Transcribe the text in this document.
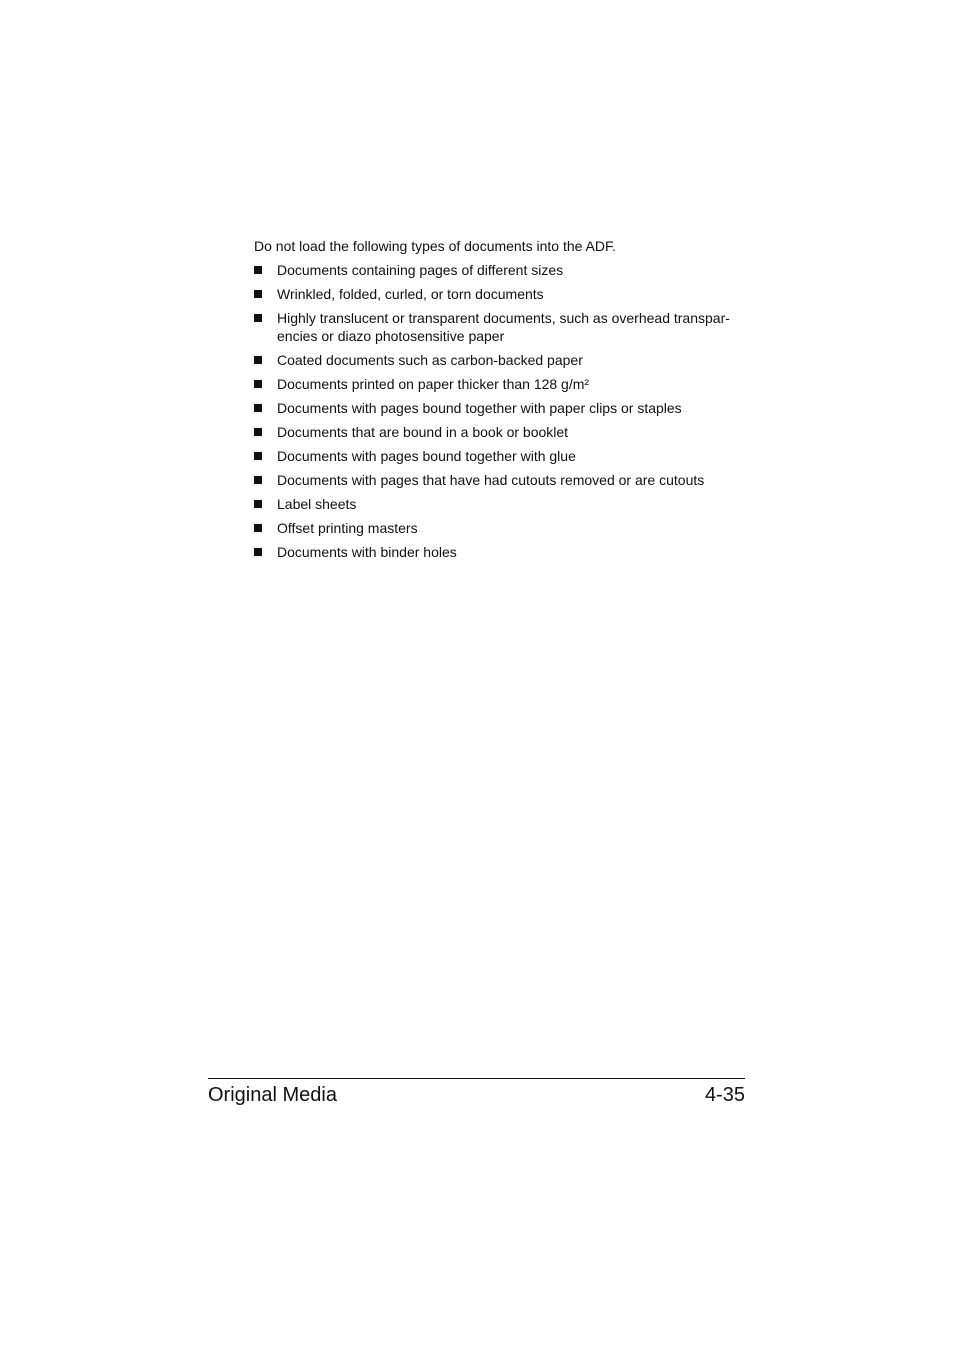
Do not load the following types of documents into the ADF.

Documents containing pages of different sizes
Wrinkled, folded, curled, or torn documents
Highly translucent or transparent documents, such as overhead transpar-encies or diazo photosensitive paper
Coated documents such as carbon-backed paper
Documents printed on paper thicker than 128 g/m²
Documents with pages bound together with paper clips or staples
Documents that are bound in a book or booklet
Documents with pages bound together with glue
Documents with pages that have had cutouts removed or are cutouts
Label sheets
Offset printing masters
Documents with binder holes
Original Media	4-35
